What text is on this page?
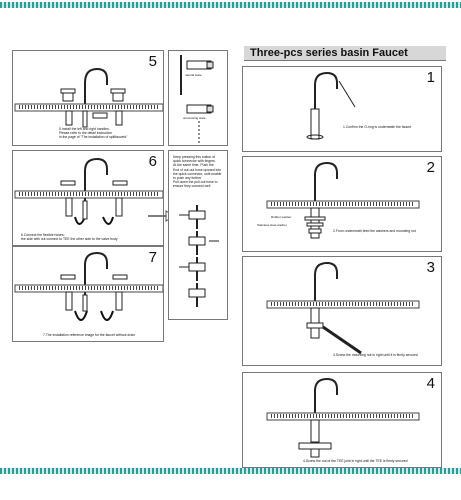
5
5.Install the left and right handles.
Please refer to the detail instruction
in the page of "The installation of splitfaucets"
natural state
unscrewing state
6
6.Connect the flexible hoses:
the side with nut connect to TEE the other side to the valve body
Keep pressing this button of
quick connector with fingers.
At the same time, Push the
End of out-out hose upward into
the quick connector, until unable
to push any further.
Pull down the pull-out hose to
ensure they connect well
7
7.The installation reference image for the faucet without drain
1
1.Confirm the O-ring is underneath the faucet
2
Rubber washer
Stainless steel washer
2.From underneath,feed the washers and mounting nut
3
3.Screw the mounting nut in right until it is firmly secured
4
4.Screw the nut of the TEE joint in right until the TEE is firmly secured
Three-pcs series basin Faucet
